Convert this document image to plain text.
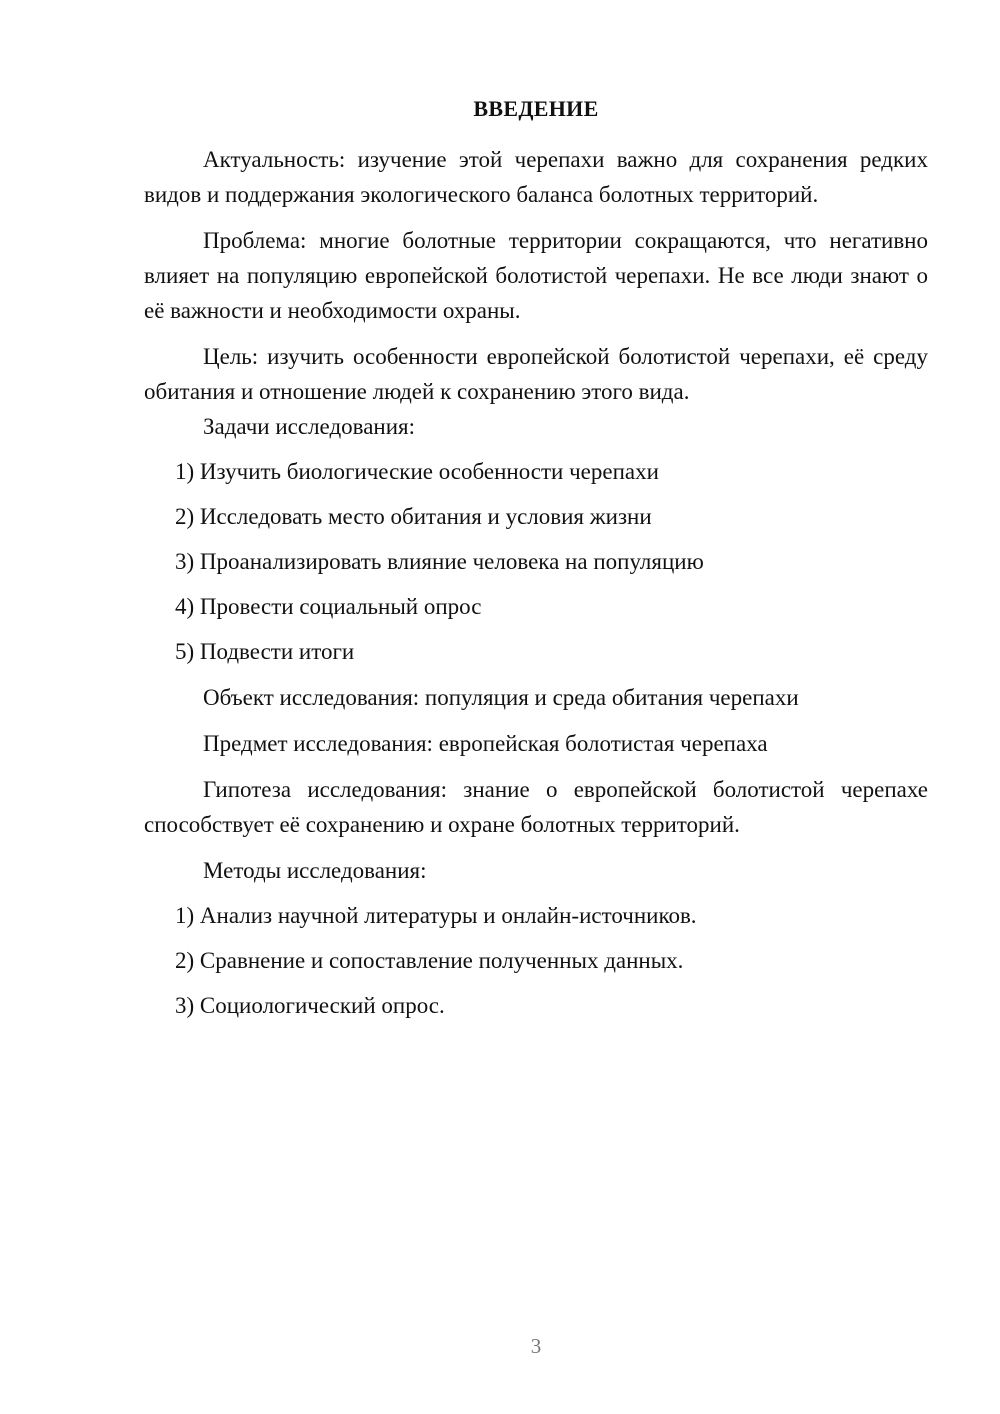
ВВЕДЕНИЕ

Актуальность: изучение этой черепахи важно для сохранения редких видов и поддержания экологического баланса болотных территорий.

Проблема: многие болотные территории сокращаются, что негативно влияет на популяцию европейской болотистой черепахи. Не все люди знают о её важности и необходимости охраны.

Цель: изучить особенности европейской болотистой черепахи, её среду обитания и отношение людей к сохранению этого вида.

Задачи исследования:

1) Изучить биологические особенности черепахи

2) Исследовать место обитания и условия жизни

3) Проанализировать влияние человека на популяцию

4) Провести социальный опрос

5) Подвести итоги

Объект исследования: популяция и среда обитания черепахи

Предмет исследования: европейская болотистая черепаха

Гипотеза исследования: знание о европейской болотистой черепахе способствует её сохранению и охране болотных территорий.

Методы исследования:

1) Анализ научной литературы и онлайн-источников.

2) Сравнение и сопоставление полученных данных.

3) Социологический опрос.

3
